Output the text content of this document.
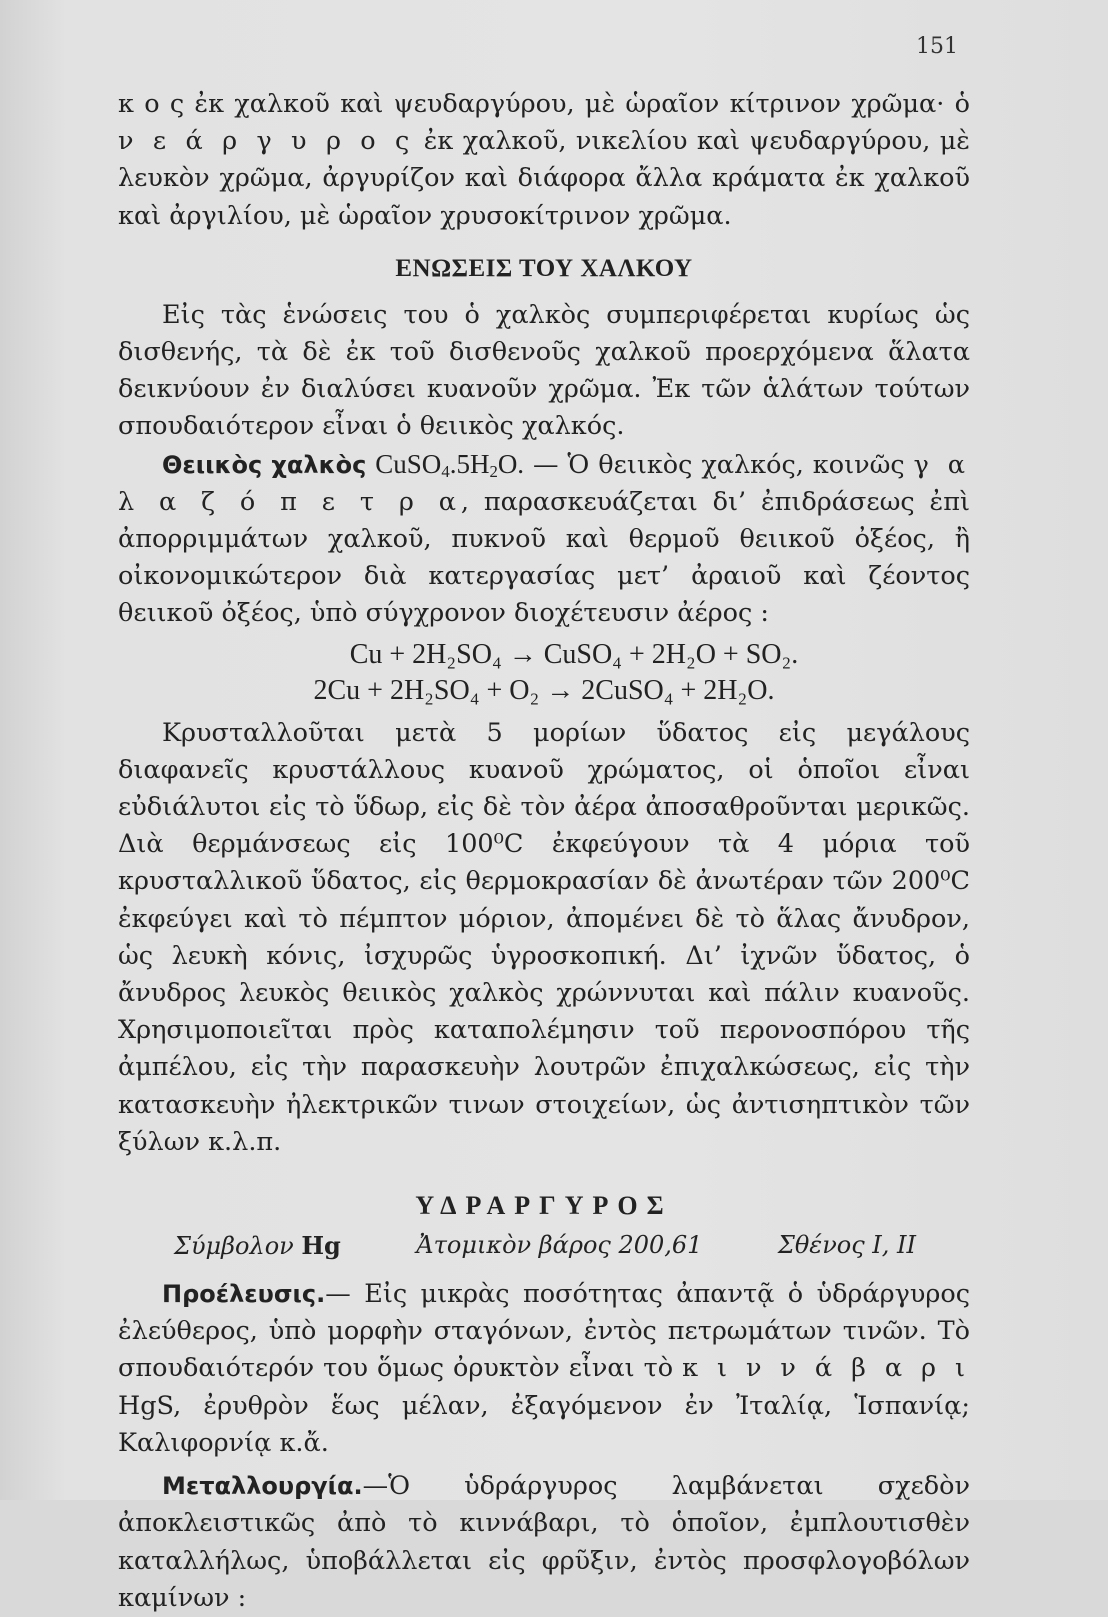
151

κ ο ς ἐκ χαλκοῦ καὶ ψευδαργύρου, μὲ ὡραῖον κίτρινον χρῶμα· ὁ ν ε ά ρ γ υ ρ ο ς ἐκ χαλκοῦ, νικελίου καὶ ψευδαργύρου, μὲ λευκὸν χρῶμα, ἀργυρίζον καὶ διάφορα ἄλλα κράματα ἐκ χαλκοῦ καὶ ἀργιλίου, μὲ ὡραῖον χρυσοκίτρινον χρῶμα.

ΕΝΩΣΕΙΣ ΤΟΥ ΧΑΛΚΟΥ

Εἰς τὰς ἑνώσεις του ὁ χαλκὸς συμπεριφέρεται κυρίως ὡς δισθενής, τὰ δὲ ἐκ τοῦ δισθενοῦς χαλκοῦ προερχόμενα ἅλατα δεικνύουν ἐν διαλύσει κυανοῦν χρῶμα. Ἐκ τῶν ἁλάτων τούτων σπουδαιότερον εἶναι ὁ θειικὸς χαλκός.

Θειικὸς χαλκὸς $CuSO_4.5H_2O$. — Ὁ θειικὸς χαλκός, κοινῶς γ α λ α ζ ό π ε τ ρ α, παρασκευάζεται δι’ ἐπιδράσεως ἐπὶ ἀπορριμμάτων χαλκοῦ, πυκνοῦ καὶ θερμοῦ θειικοῦ ὀξέος, ἢ οἰκονομικώτερον διὰ κατεργασίας μετ’ ἀραιοῦ καὶ ζέοντος θειικοῦ ὀξέος, ὑπὸ σύγχρονον διοχέτευσιν ἀέρος :

Cu + 2H₂SO₄ → CuSO₄ + 2H₂O + SO₂.
2Cu + 2H₂SO₄ + O₂ → 2CuSO₄ + 2H₂O.

Κρυσταλλοῦται μετὰ 5 μορίων ὕδατος εἰς μεγάλους διαφανεῖς κρυστάλλους κυανοῦ χρώματος, οἱ ὁποῖοι εἶναι εὐδιάλυτοι εἰς τὸ ὕδωρ, εἰς δὲ τὸν ἀέρα ἀποσαθροῦνται μερικῶς. Διὰ θερμάνσεως εἰς 100⁰C ἐκφεύγουν τὰ 4 μόρια τοῦ κρυσταλλικοῦ ὕδατος, εἰς θερμοκρασίαν δὲ ἀνωτέραν τῶν 200⁰C ἐκφεύγει καὶ τὸ πέμπτον μόριον, ἀπομένει δὲ τὸ ἅλας ἄνυδρον, ὡς λευκὴ κόνις, ἰσχυρῶς ὑγροσκοπική. Δι’ ἰχνῶν ὕδατος, ὁ ἄνυδρος λευκὸς θειικὸς χαλκὸς χρώννυται καὶ πάλιν κυανοῦς. Χρησιμοποιεῖται πρὸς καταπολέμησιν τοῦ περονοσπόρου τῆς ἀμπέλου, εἰς τὴν παρασκευὴν λουτρῶν ἐπιχαλκώσεως, εἰς τὴν κατασκευὴν ἠλεκτρικῶν τινων στοιχείων, ὡς ἀντισηπτικὸν τῶν ξύλων κ.λ.π.

ΥΔΡΑΡΓΥΡΟΣ
Σύμβολον Hg	Ἀτομικὸν βάρος 200,61	Σθένος I, II

Προέλευσις.— Εἰς μικρὰς ποσότητας ἀπαντᾷ ὁ ὑδράργυρος ἐλεύθερος, ὑπὸ μορφὴν σταγόνων, ἐντὸς πετρωμάτων τινῶν. Τὸ σπουδαιότερόν του ὅμως ὀρυκτὸν εἶναι τὸ κ ι ν ν ά β α ρ ι HgS, ἐρυθρὸν ἕως μέλαν, ἐξαγόμενον ἐν Ἰταλίᾳ, Ἱσπανίᾳ; Καλιφορνίᾳ κ.ἄ.

Μεταλλουργία.—Ὁ ὑδράργυρος λαμβάνεται σχεδὸν ἀποκλειστικῶς ἀπὸ τὸ κιννάβαρι, τὸ ὁποῖον, ἐμπλουτισθὲν καταλλήλως, ὑποβάλλεται εἰς φρῦξιν, ἐντὸς προσφλογοβόλων καμίνων :
